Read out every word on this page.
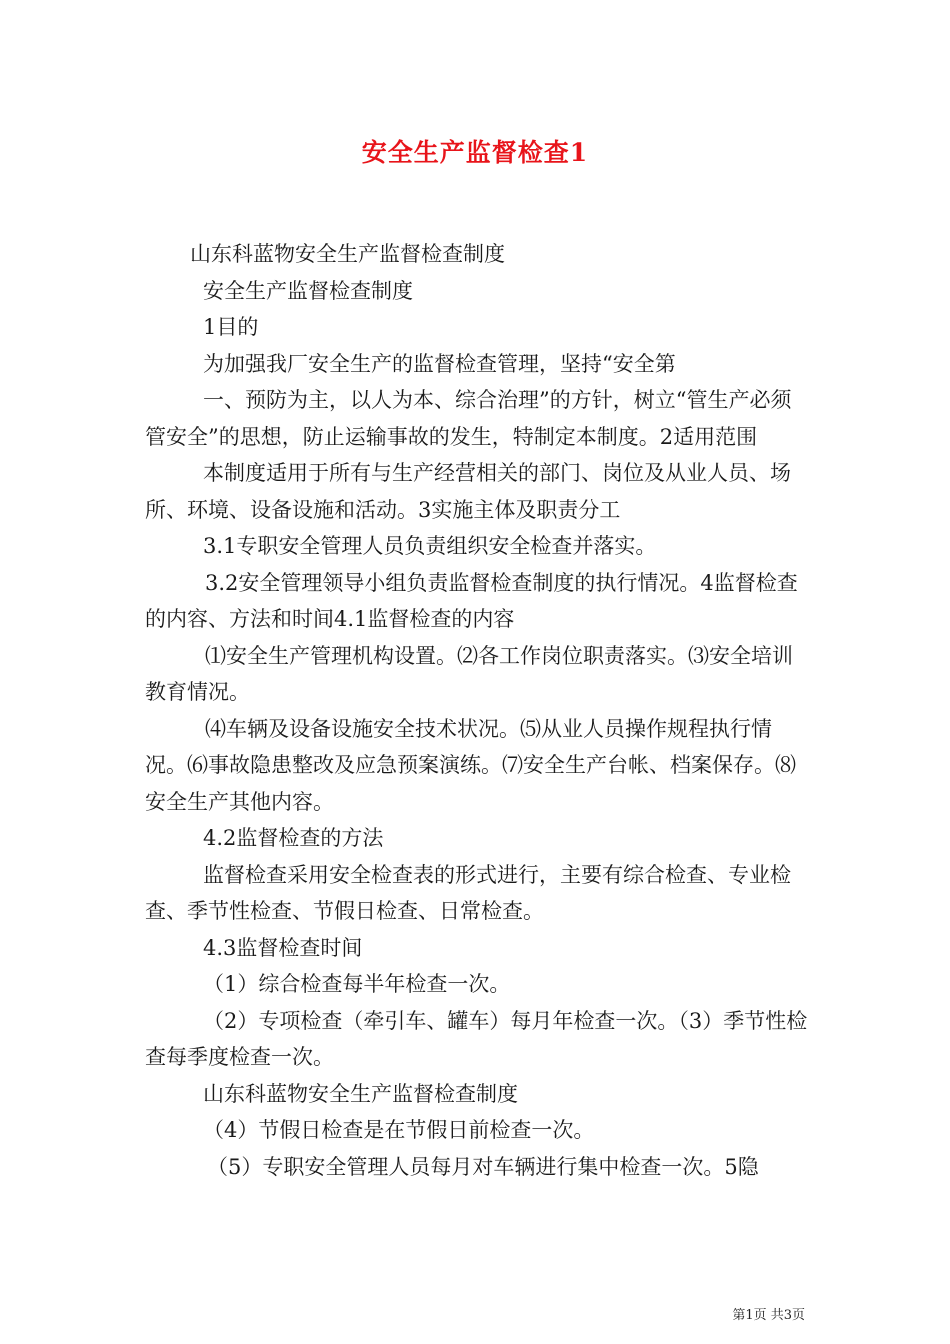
安全生产监督检查1

山东科蓝物安全生产监督检查制度

安全生产监督检查制度

1目的

为加强我厂安全生产的监督检查管理，坚持“安全第

一、预防为主，以人为本、综合治理”的方针，树立“管生产必须管安全”的思想，防止运输事故的发生，特制定本制度。2适用范围

本制度适用于所有与生产经营相关的部门、岗位及从业人员、场所、环境、设备设施和活动。3实施主体及职责分工

3.1专职安全管理人员负责组织安全检查并落实。

3.2安全管理领导小组负责监督检查制度的执行情况。4监督检查的内容、方法和时间4.1监督检查的内容

⑴安全生产管理机构设置。⑵各工作岗位职责落实。⑶安全培训教育情况。

⑷车辆及设备设施安全技术状况。⑸从业人员操作规程执行情况。⑹事故隐患整改及应急预案演练。⑺安全生产台帐、档案保存。⑻安全生产其他内容。

4.2监督检查的方法

监督检查采用安全检查表的形式进行，主要有综合检查、专业检查、季节性检查、节假日检查、日常检查。

4.3监督检查时间

（1）综合检查每半年检查一次。

（2）专项检查（牵引车、罐车）每月年检查一次。（3）季节性检查每季度检查一次。

山东科蓝物安全生产监督检查制度

（4）节假日检查是在节假日前检查一次。

（5）专职安全管理人员每月对车辆进行集中检查一次。5隐

第1页 共3页
